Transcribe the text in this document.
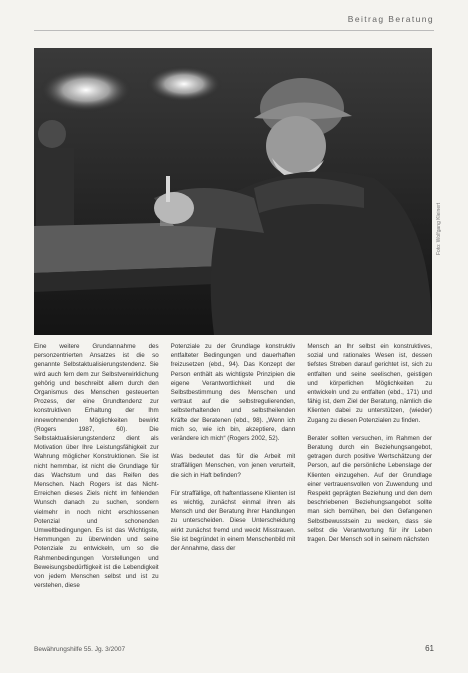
Beitrag Beratung
Foto: Wolfgang Kleinert

Eine weitere Grundannahme des personzentrierten Ansatzes ist die so genannte Selbstaktualisierungstendenz. Sie wird auch fern dem zur Selbstverwirklichung gehörig und beschreibt allem durch den Organismus des Menschen gesteuerten Prozess, der eine Grundtendenz zur konstruktiven Erhaltung der Ihm innewohnenden Möglichkeiten bewirkt (Rogers 1987, 60). Die Selbstaktualisierungstendenz dient als Motivation über Ihre Leistungsfähigkeit zur Wahrung möglicher Konstruktionen. Sie ist nicht hemmbar, ist nicht die Grundlage für das Wachstum und das Reifen des Menschen. Nach Rogers ist das Nicht-Erreichen dieses Ziels nicht im fehlenden Wunsch danach zu suchen, sondern vielmehr in noch nicht erschlossenen Potenzial und schonenden Umweltbedingungen. Es ist das Wichtigste, Hemmungen zu überwinden und seine Potenziale zu entwickeln, um so die Rahmenbedingungen Vorstellungen und Beweisungsbedürftigkeit ist die Lebendigkeit von jedem Menschen selbst und ist zu verstehen, diese

Potenziale zu der Grundlage konstruktiv entfalteter Bedingungen und dauerhaften freizusetzen (ebd., 94). Das Konzept der Person enthält als wichtigste Prinzipien die eigene Verantwortlichkeit und die Selbstbestimmung des Menschen und vertraut auf die selbstregulierenden, selbsterhaltenden und selbstheilenden Kräfte der Beratenen (ebd., 98). „Wenn ich mich so, wie ich bin, akzeptiere, dann verändere ich mich“ (Rogers 2002, 52).

Was bedeutet das für die Arbeit mit straffälligen Menschen, von jenen verurteilt, die sich in Haft befinden?

Für straffällige, oft haftentlassene Klienten ist es wichtig, zunächst einmal ihren als Mensch und der Beratung ihrer Handlungen zu unterscheiden. Diese Unterscheidung wirkt zunächst fremd und weckt Misstrauen. Sie ist begründet in einem Menschenbild mit der Annahme, dass der

Mensch an Ihr selbst ein konstruktives, sozial und rationales Wesen ist, dessen tiefstes Streben darauf gerichtet ist, sich zu entfalten und seine seelischen, geistigen und körperlichen Möglichkeiten zu entwickeln und zu entfalten (ebd., 171) und fähig ist, dem Ziel der Beratung, nämlich die Klienten dabei zu unterstützen, (wieder) Zugang zu diesen Potenzialen zu finden.

Berater sollten versuchen, im Rahmen der Beratung durch ein Beziehungsangebot, getragen durch positive Wertschätzung der Person, auf die persönliche Lebenslage der Klienten einzugehen. Auf der Grundlage einer vertrauensvollen von Zuwendung und Respekt geprägten Beziehung und den dem beschriebenen Beziehungsangebot sollte man sich bemühen, bei den Gefangenen Selbstbewusstsein zu wecken, dass sie selbst die Verantwortung für ihr Leben tragen. Der Mensch soll in seinem nächsten

Bewährungshilfe 55. Jg. 3/2007	61
